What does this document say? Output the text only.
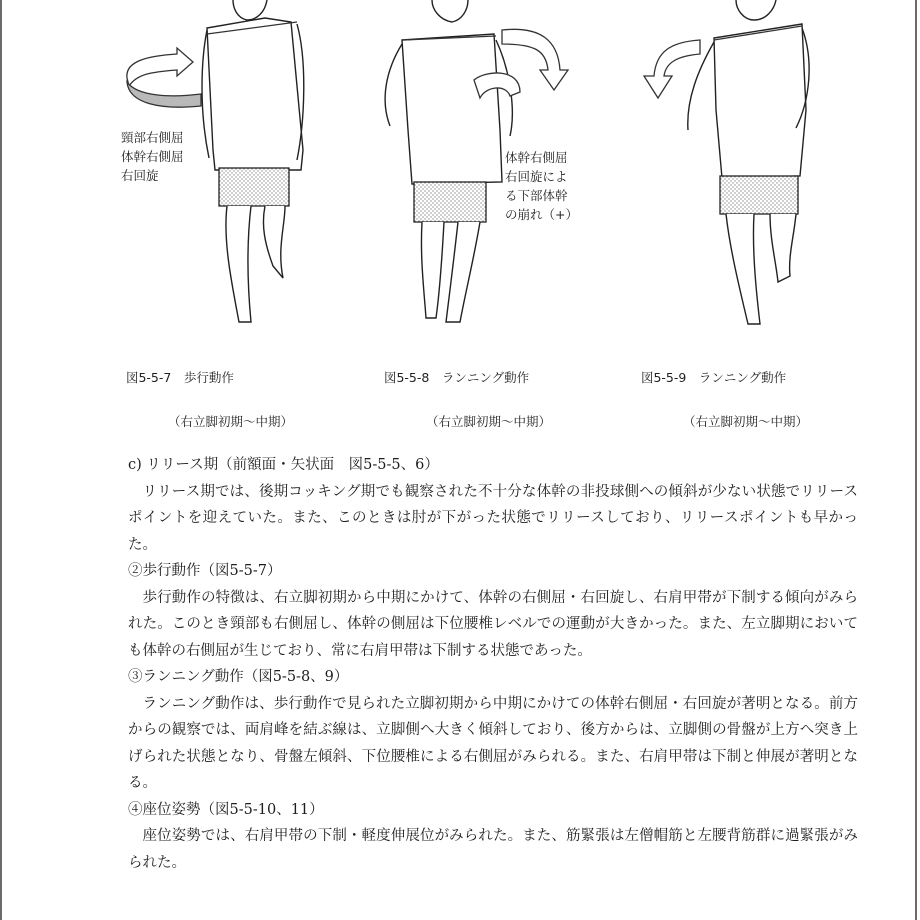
頸部右側屈
体幹右側屈
右回旋

図5-5-7　歩行動作

（右立脚初期〜中期）

体幹右側屈
右回旋によ
る下部体幹
の崩れ（+）

図5-5-8　ランニング動作

（右立脚初期〜中期）

図5-5-9　ランニング動作

（右立脚初期〜中期）

c) リリース期（前額面・矢状面　図5-5-5、6）

リリース期では、後期コッキング期でも観察された不十分な体幹の非投球側への傾斜が少ない状態でリリースポイントを迎えていた。また、このときは肘が下がった状態でリリースしており、リリースポイントも早かった。

②歩行動作（図5-5-7）

歩行動作の特徴は、右立脚初期から中期にかけて、体幹の右側屈・右回旋し、右肩甲帯が下制する傾向がみられた。このとき頸部も右側屈し、体幹の側屈は下位腰椎レベルでの運動が大きかった。また、左立脚期においても体幹の右側屈が生じており、常に右肩甲帯は下制する状態であった。

③ランニング動作（図5-5-8、9）

ランニング動作は、歩行動作で見られた立脚初期から中期にかけての体幹右側屈・右回旋が著明となる。前方からの観察では、両肩峰を結ぶ線は、立脚側へ大きく傾斜しており、後方からは、立脚側の骨盤が上方へ突き上げられた状態となり、骨盤左傾斜、下位腰椎による右側屈がみられる。また、右肩甲帯は下制と伸展が著明となる。

④座位姿勢（図5-5-10、11）

座位姿勢では、右肩甲帯の下制・軽度伸展位がみられた。また、筋緊張は左僧帽筋と左腰背筋群に過緊張がみられた。
